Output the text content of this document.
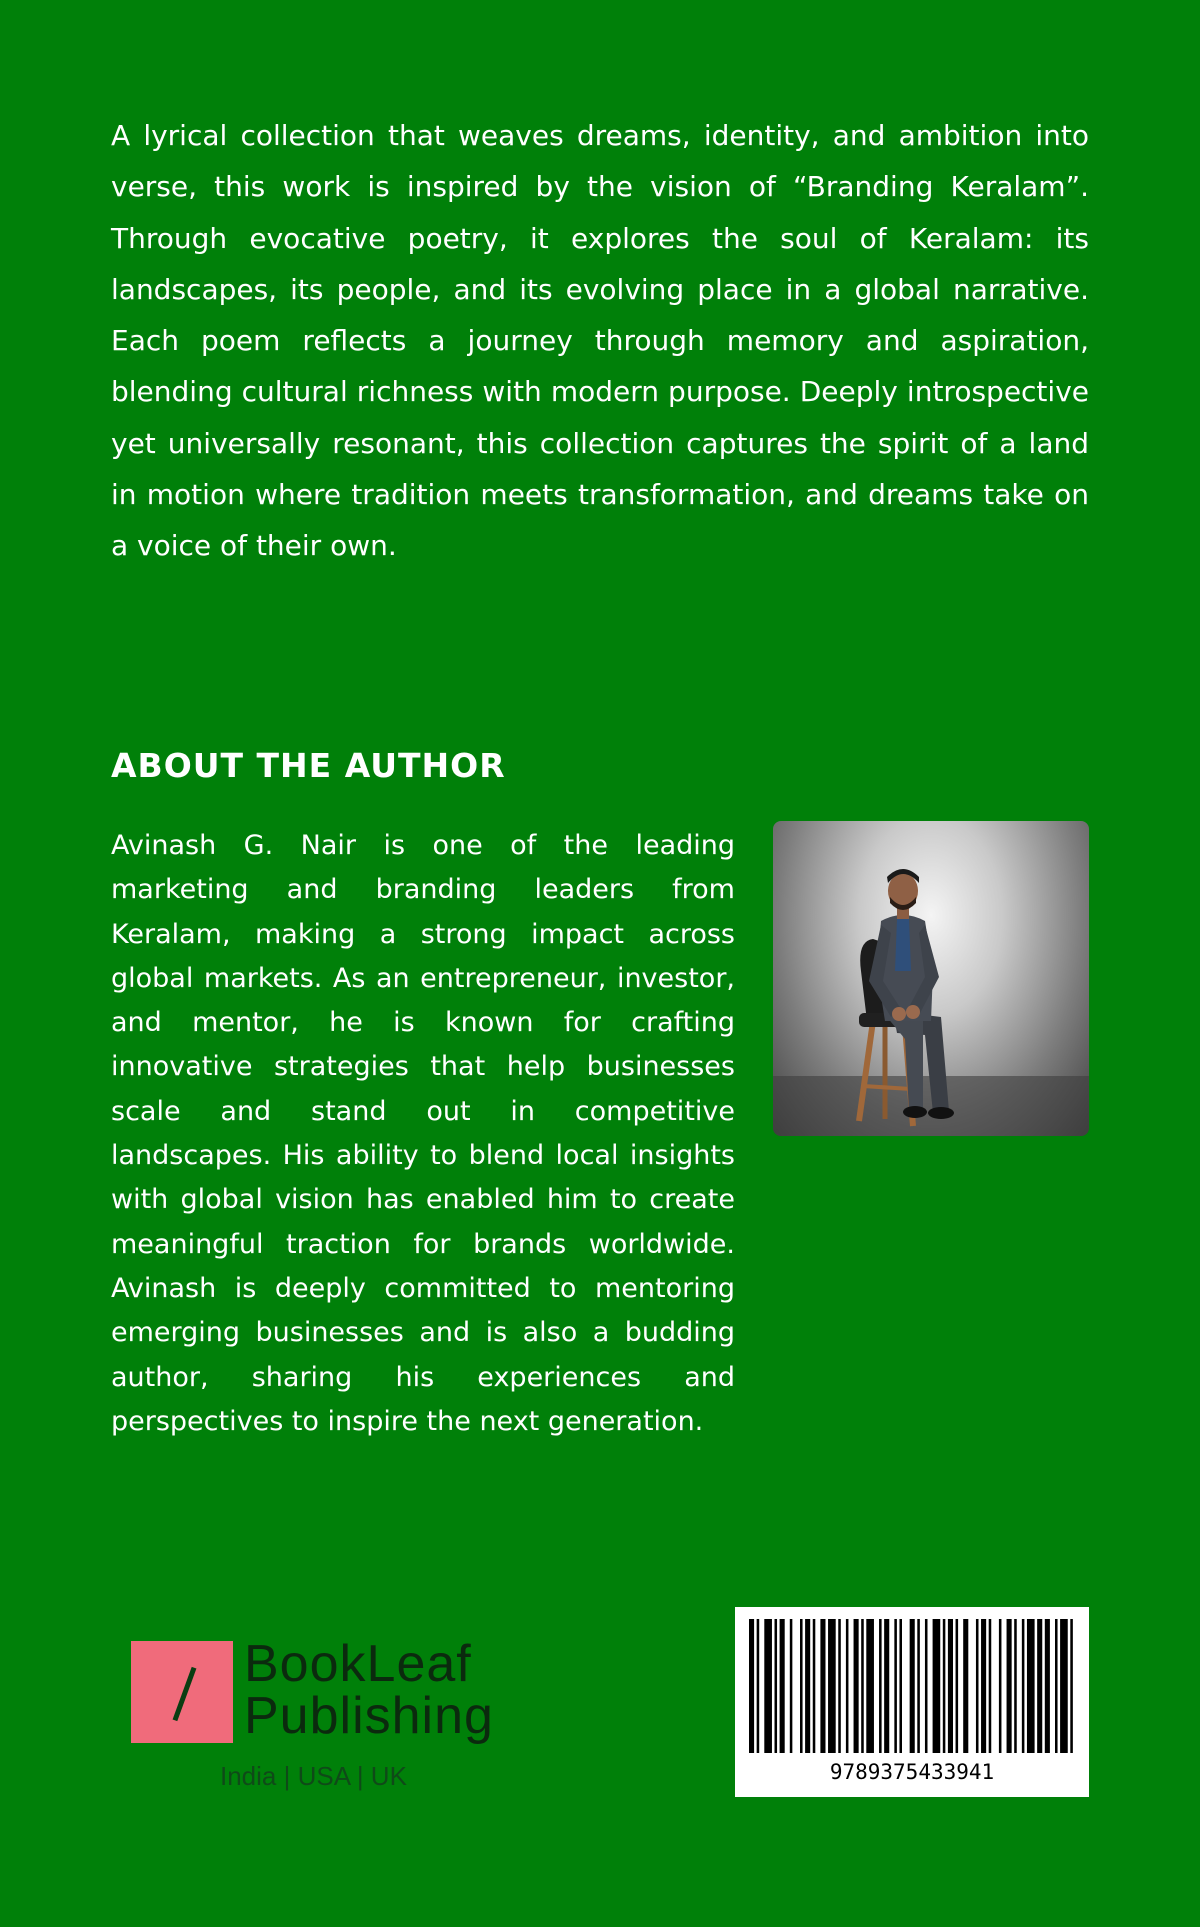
A lyrical collection that weaves dreams, identity, and ambition into verse, this work is inspired by the vision of “Branding Keralam”. Through evocative poetry, it explores the soul of Keralam: its landscapes, its people, and its evolving place in a global narrative. Each poem reflects a journey through memory and aspiration, blending cultural richness with modern purpose. Deeply introspective yet universally resonant, this collection captures the spirit of a land in motion where tradition meets transformation, and dreams take on a voice of their own.

ABOUT THE AUTHOR

Avinash G. Nair is one of the leading marketing and branding leaders from Keralam, making a strong impact across global markets. As an entrepreneur, investor, and mentor, he is known for crafting innovative strategies that help businesses scale and stand out in competitive landscapes. His ability to blend local insights with global vision has enabled him to create meaningful traction for brands worldwide. Avinash is deeply committed to mentoring emerging businesses and is also a budding author, sharing his experiences and perspectives to inspire the next generation.

BookLeaf
Publishing
India | USA | UK	9789375433941
